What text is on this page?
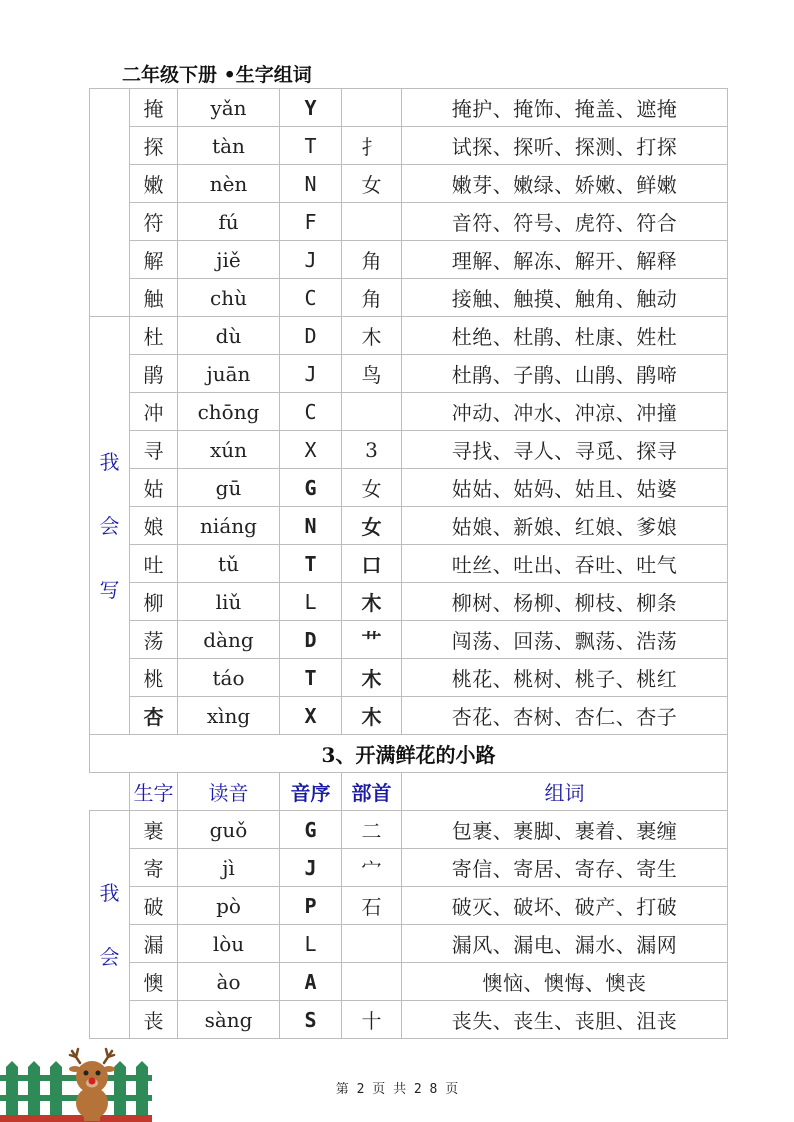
二年级下册 •生字组词
	掩	yǎn	Y		掩护、掩饰、掩盖、遮掩
	探	tàn	T	扌	试探、探听、探测、打探
	嫩	nèn	N	女	嫩芽、嫩绿、娇嫩、鲜嫩
	符	fú	F		音符、符号、虎符、符合
	解	jiě	J	角	理解、解冻、解开、解释
	触	chù	C	角	接触、触摸、触角、触动
我
会
写	杜	dù	D	木	杜绝、杜鹃、杜康、姓杜
	鹃	juān	J	鸟	杜鹃、子鹃、山鹃、鹃啼
	冲	chōng	C		冲动、冲水、冲凉、冲撞
	寻	xún	X	3	寻找、寻人、寻觅、探寻
	姑	gū	G	女	姑姑、姑妈、姑且、姑婆
	娘	niáng	N	女	姑娘、新娘、红娘、爹娘
	吐	tǔ	T	口	吐丝、吐出、吞吐、吐气
	柳	liǔ	L	木	柳树、杨柳、柳枝、柳条
	荡	dàng	D	艹	闯荡、回荡、飘荡、浩荡
	桃	táo	T	木	桃花、桃树、桃子、桃红
	杏	xìng	X	木	杏花、杏树、杏仁、杏子
3、开满鲜花的小路					
	生字	读音	音序	部首	组词
我
会	裹	guǒ	G	二	包裹、裹脚、裹着、裹缠
	寄	jì	J	宀	寄信、寄居、寄存、寄生
	破	pò	P	石	破灭、破坏、破产、打破
	漏	lòu	L		漏风、漏电、漏水、漏网
	懊	ào	A		懊恼、懊悔、懊丧
	丧	sàng	S	十	丧失、丧生、丧胆、沮丧
第 2 页 共 2 8 页
